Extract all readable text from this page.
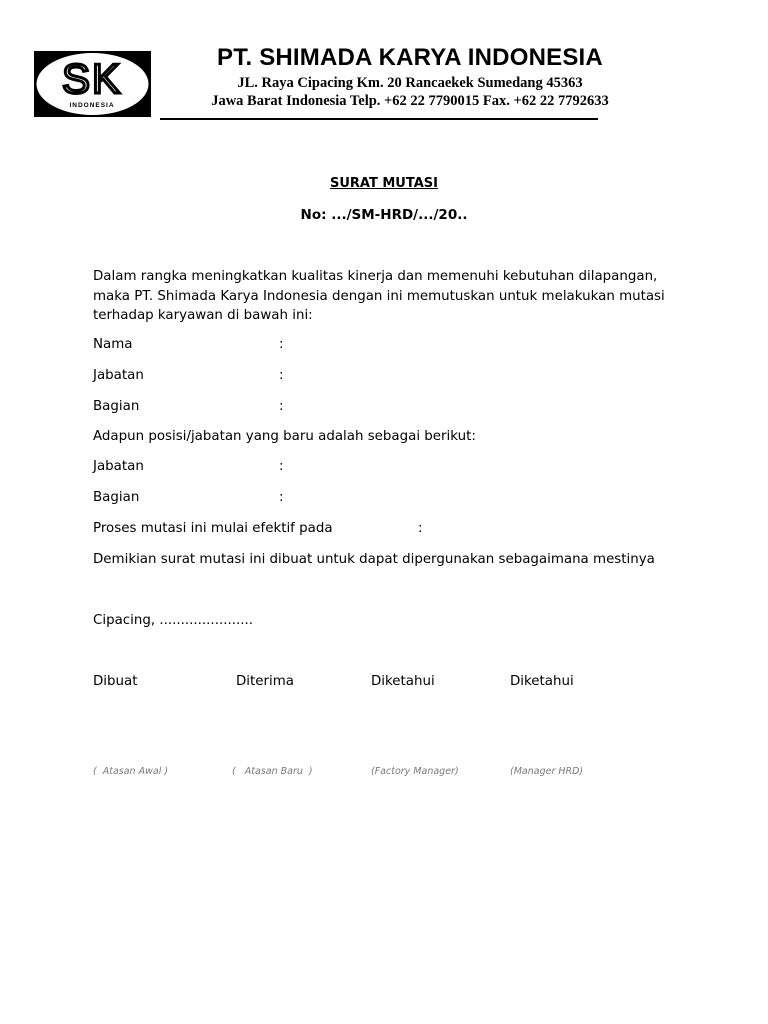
SK
INDONESIA
PT. SHIMADA KARYA INDONESIA
JL. Raya Cipacing Km. 20 Rancaekek Sumedang 45363
Jawa Barat Indonesia Telp. +62 22 7790015 Fax. +62 22 7792633
SURAT MUTASI
No: .../SM-HRD/.../20..
Dalam rangka meningkatkan kualitas kinerja dan memenuhi kebutuhan dilapangan, maka PT. Shimada Karya Indonesia dengan ini memutuskan untuk melakukan mutasi terhadap karyawan di bawah ini:
Nama	:
Jabatan	:
Bagian	:
Adapun posisi/jabatan yang baru adalah sebagai berikut:
Jabatan	:
Bagian	:
Proses mutasi ini mulai efektif pada	:
Demikian surat mutasi ini dibuat untuk dapat dipergunakan sebagaimana mestinya
Cipacing, ......................
Dibuat	Diterima	Diketahui	Diketahui
(  Atasan Awal )	(   Atasan Baru  )	(Factory Manager)	(Manager HRD)
